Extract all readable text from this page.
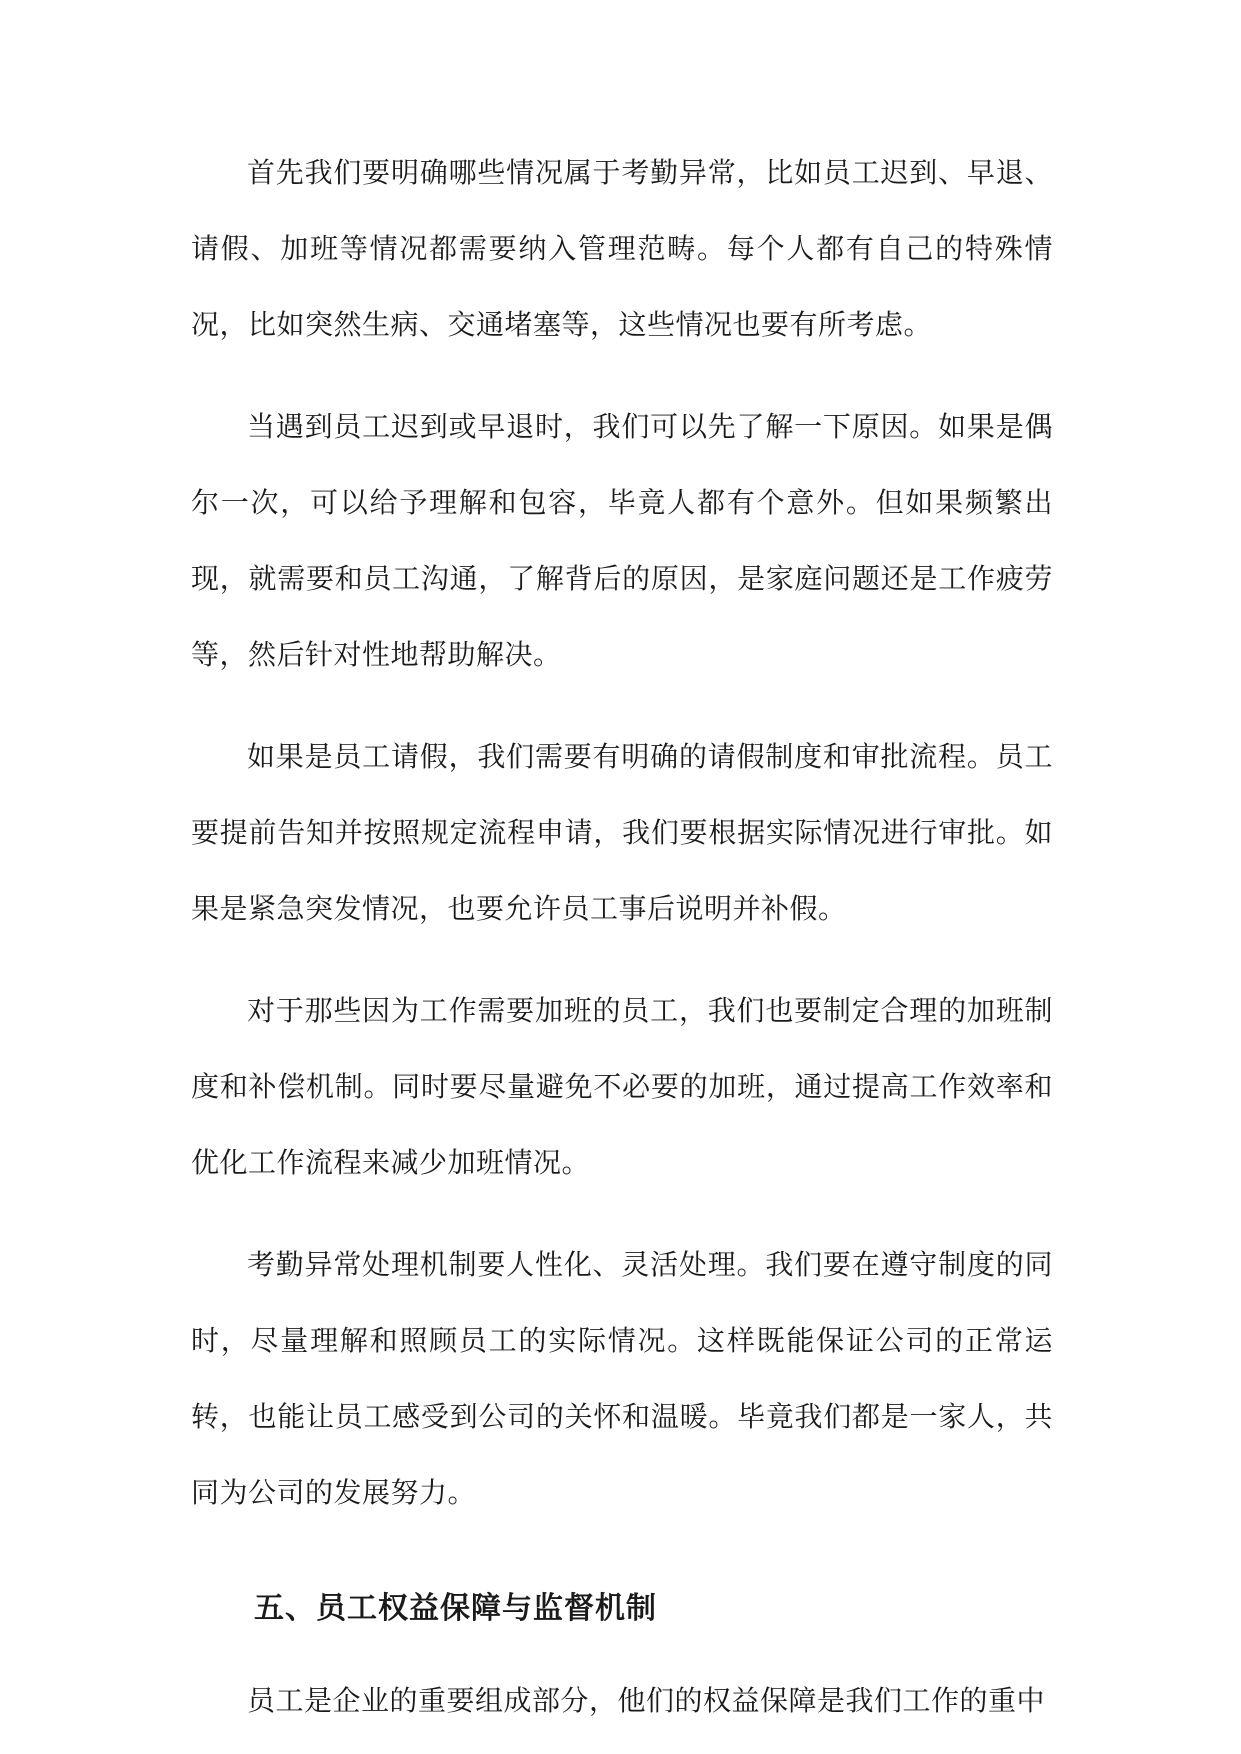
首先我们要明确哪些情况属于考勤异常，比如员工迟到、早退、请假、加班等情况都需要纳入管理范畴。每个人都有自己的特殊情况，比如突然生病、交通堵塞等，这些情况也要有所考虑。

当遇到员工迟到或早退时，我们可以先了解一下原因。如果是偶尔一次，可以给予理解和包容，毕竟人都有个意外。但如果频繁出现，就需要和员工沟通，了解背后的原因，是家庭问题还是工作疲劳等，然后针对性地帮助解决。

如果是员工请假，我们需要有明确的请假制度和审批流程。员工要提前告知并按照规定流程申请，我们要根据实际情况进行审批。如果是紧急突发情况，也要允许员工事后说明并补假。

对于那些因为工作需要加班的员工，我们也要制定合理的加班制度和补偿机制。同时要尽量避免不必要的加班，通过提高工作效率和优化工作流程来减少加班情况。

考勤异常处理机制要人性化、灵活处理。我们要在遵守制度的同时，尽量理解和照顾员工的实际情况。这样既能保证公司的正常运转，也能让员工感受到公司的关怀和温暖。毕竟我们都是一家人，共同为公司的发展努力。

五、员工权益保障与监督机制

员工是企业的重要组成部分，他们的权益保障是我们工作的重中
